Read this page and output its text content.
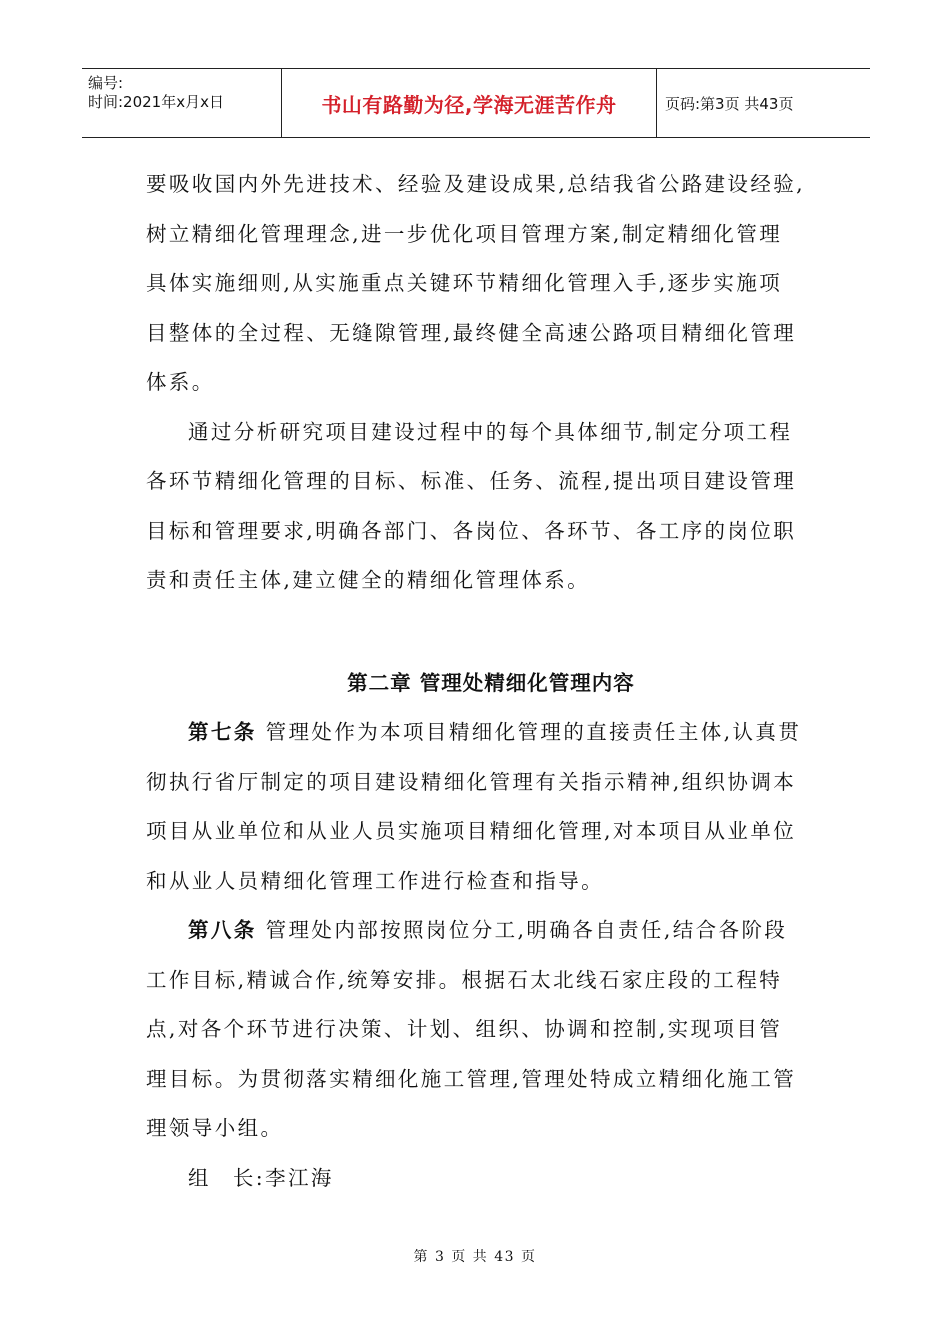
编号:
时间:2021年x月x日	书山有路勤为径,学海无涯苦作舟	页码:第3页 共43页

要吸收国内外先进技术、经验及建设成果,总结我省公路建设经验,
树立精细化管理理念,进一步优化项目管理方案,制定精细化管理
具体实施细则,从实施重点关键环节精细化管理入手,逐步实施项
目整体的全过程、无缝隙管理,最终健全高速公路项目精细化管理
体系。

通过分析研究项目建设过程中的每个具体细节,制定分项工程
各环节精细化管理的目标、标准、任务、流程,提出项目建设管理
目标和管理要求,明确各部门、各岗位、各环节、各工序的岗位职
责和责任主体,建立健全的精细化管理体系。

第二章 管理处精细化管理内容

第七条 管理处作为本项目精细化管理的直接责任主体,认真贯
彻执行省厅制定的项目建设精细化管理有关指示精神,组织协调本
项目从业单位和从业人员实施项目精细化管理,对本项目从业单位
和从业人员精细化管理工作进行检查和指导。

第八条 管理处内部按照岗位分工,明确各自责任,结合各阶段
工作目标,精诚合作,统筹安排。根据石太北线石家庄段的工程特
点,对各个环节进行决策、计划、组织、协调和控制,实现项目管
理目标。为贯彻落实精细化施工管理,管理处特成立精细化施工管
理领导小组。

组 长:李江海

第 3 页 共 43 页
